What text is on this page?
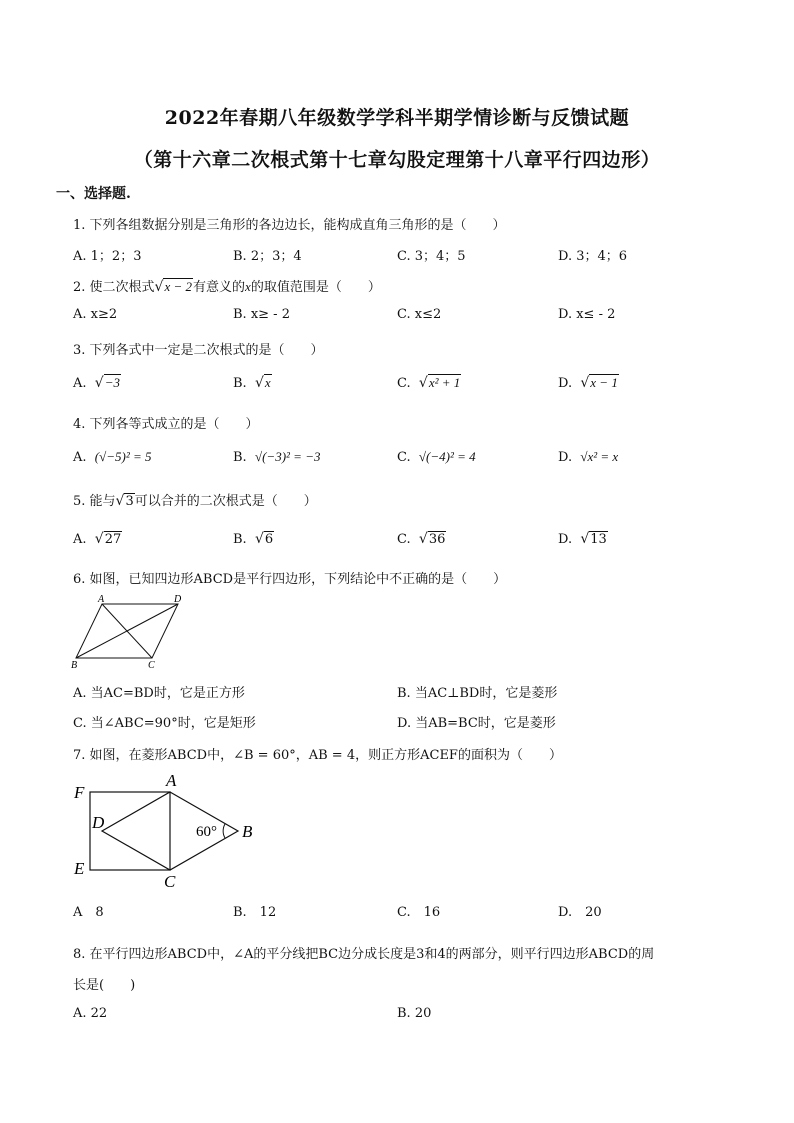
2022年春期八年级数学学科半期学情诊断与反馈试题
（第十六章二次根式第十七章勾股定理第十八章平行四边形）
一、选择题.
1. 下列各组数据分别是三角形的各边边长，能构成直角三角形的是（　　）
A. 1；2；3	B. 2；3；4	C. 3；4；5	D. 3；4；6
2. 使二次根式√x − 2有意义的x的取值范围是（　　）
A. x≥2	B. x≥ - 2	C. x≤2	D. x≤ - 2
3. 下列各式中一定是二次根式的是（　　）
A. √−3	B. √x	C. √x² + 1	D. √x − 1
4. 下列各等式成立的是（　　）
A. (√−5)² = 5	B. √(−3)² = −3	C. √(−4)² = 4	D. √x² = x
5. 能与√3可以合并的二次根式是（　　）
A. √27	B. √6	C. √36	D. √13
6. 如图，已知四边形ABCD是平行四边形，下列结论中不正确的是（　　）
A	D
B	C
A. 当AC=BD时，它是正方形	B. 当AC⊥BD时，它是菱形
C. 当∠ABC=90°时，它是矩形	D. 当AB=BC时，它是菱形
7. 如图，在菱形ABCD中，∠B = 60°，AB = 4，则正方形ACEF的面积为（　　）
A
B
C
D
E
F
60°
A　8	B.　12	C.　16	D.　20
8. 在平行四边形ABCD中，∠A的平分线把BC边分成长度是3和4的两部分，则平行四边形ABCD的周
长是(　　)
A. 22	B. 20
